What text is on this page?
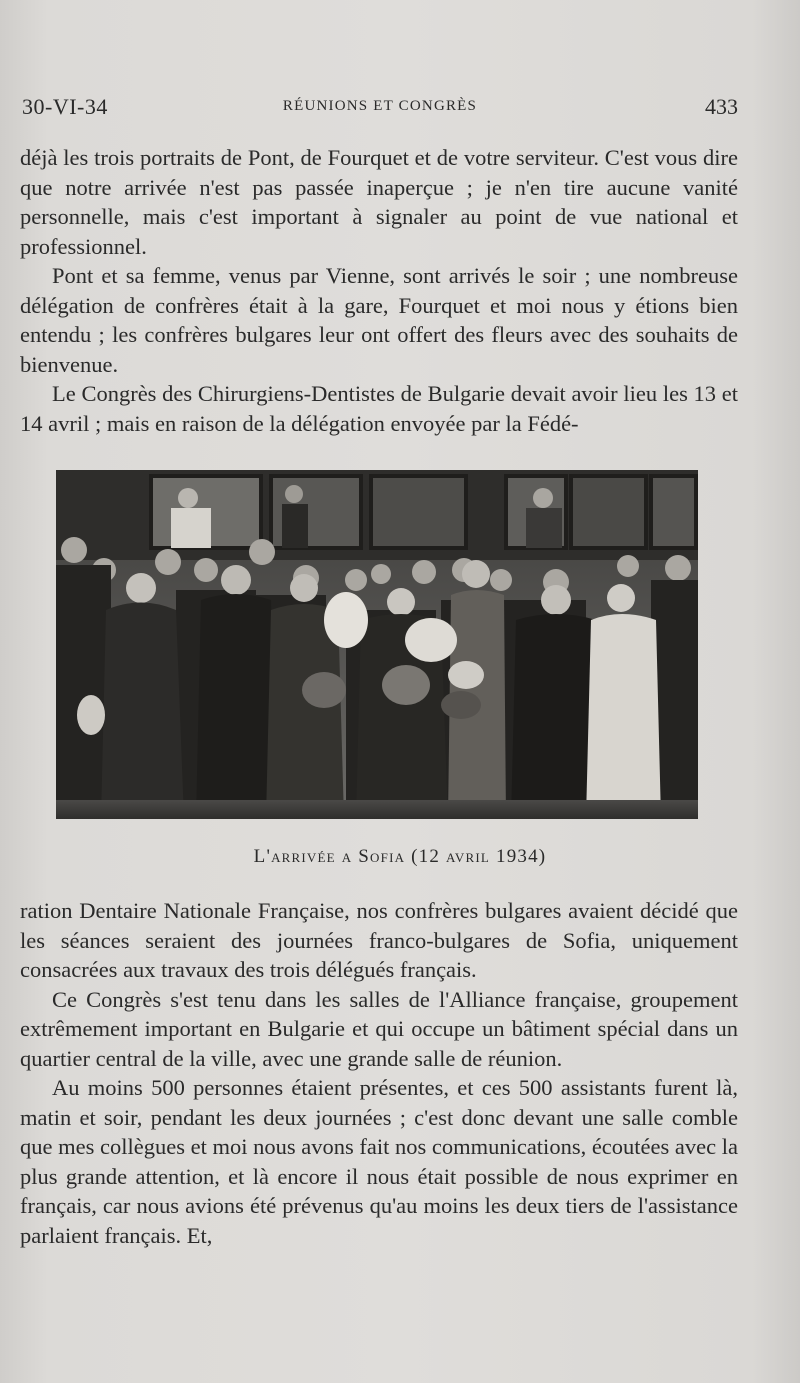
30-VI-34	RÉUNIONS ET CONGRÈS	433

déjà les trois portraits de Pont, de Fourquet et de votre serviteur. C'est vous dire que notre arrivée n'est pas passée inaperçue ; je n'en tire aucune vanité personnelle, mais c'est important à signaler au point de vue national et professionnel.

Pont et sa femme, venus par Vienne, sont arrivés le soir ; une nombreuse délégation de confrères était à la gare, Fourquet et moi nous y étions bien entendu ; les confrères bulgares leur ont offert des fleurs avec des souhaits de bienvenue.

Le Congrès des Chirurgiens-Dentistes de Bulgarie devait avoir lieu les 13 et 14 avril ; mais en raison de la délégation envoyée par la Fédé-

L'arrivée a Sofia (12 avril 1934)

ration Dentaire Nationale Française, nos confrères bulgares avaient décidé que les séances seraient des journées franco-bulgares de Sofia, uniquement consacrées aux travaux des trois délégués français.

Ce Congrès s'est tenu dans les salles de l'Alliance française, groupement extrêmement important en Bulgarie et qui occupe un bâtiment spécial dans un quartier central de la ville, avec une grande salle de réunion.

Au moins 500 personnes étaient présentes, et ces 500 assistants furent là, matin et soir, pendant les deux journées ; c'est donc devant une salle comble que mes collègues et moi nous avons fait nos communications, écoutées avec la plus grande attention, et là encore il nous était possible de nous exprimer en français, car nous avions été prévenus qu'au moins les deux tiers de l'assistance parlaient français. Et,
